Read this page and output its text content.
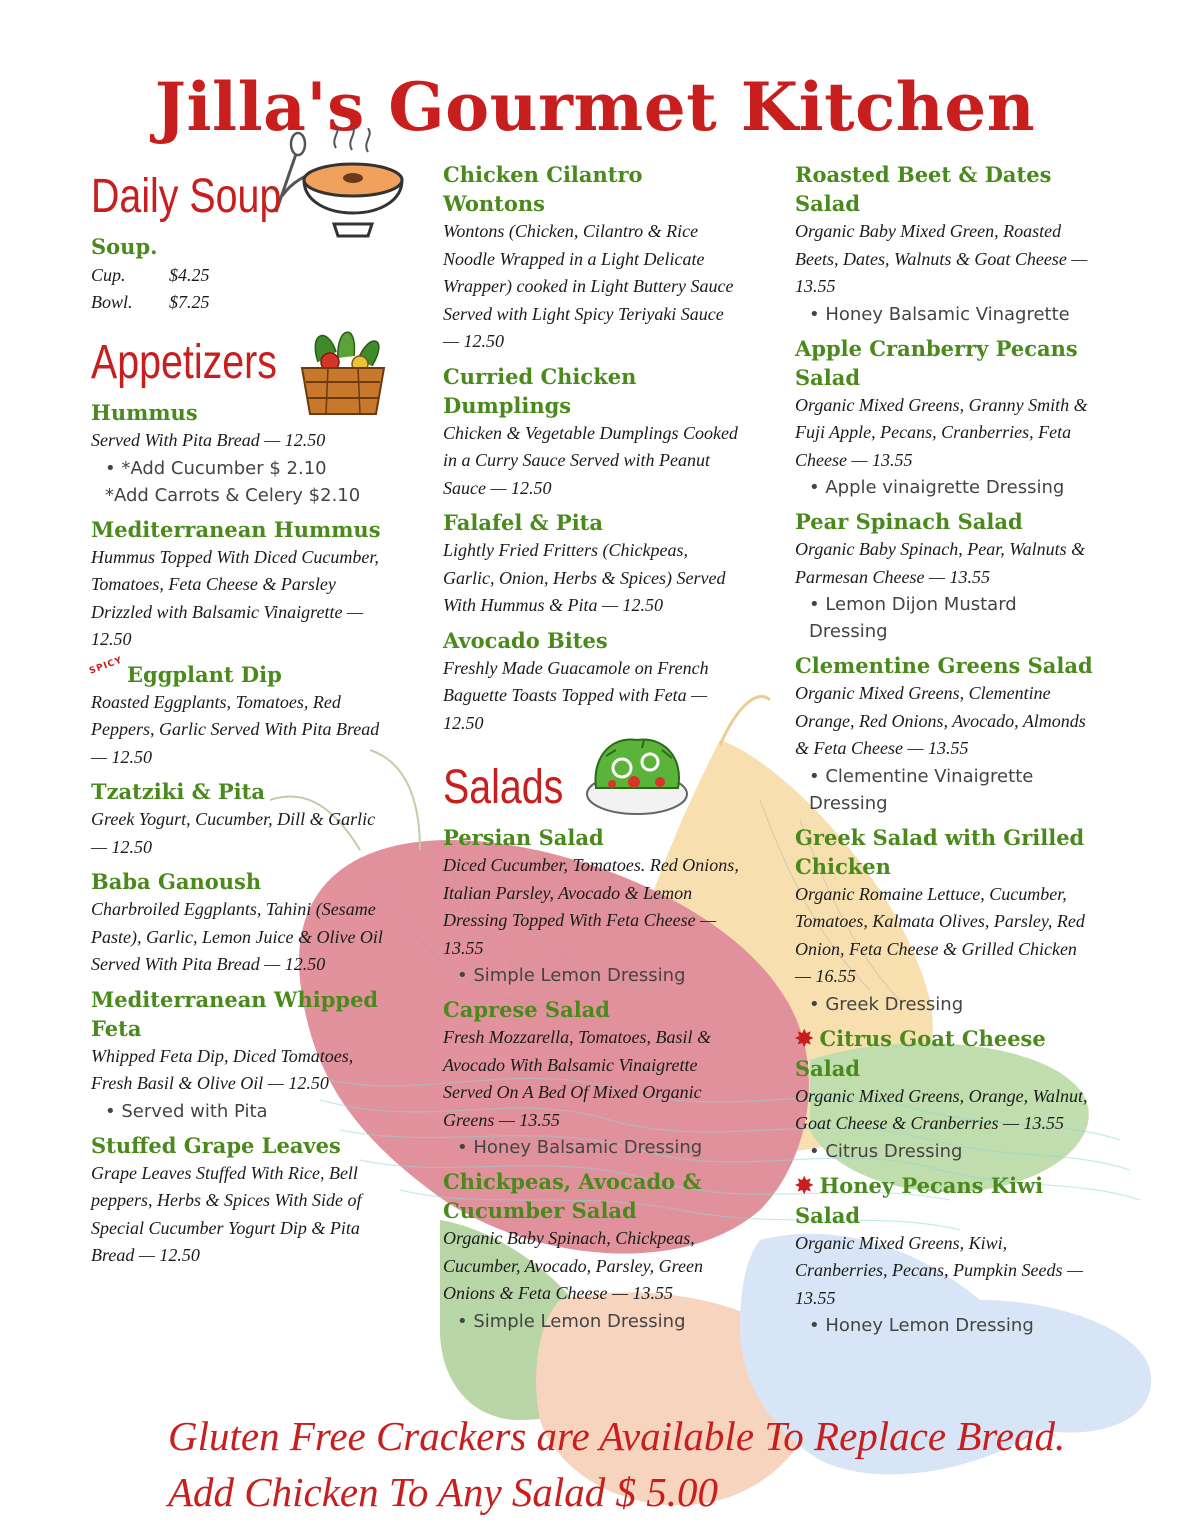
Jilla's Gourmet Kitchen
Daily Soup
Soup.
Cup.	$4.25
Bowl.	$7.25
Appetizers
Hummus
Served With Pita Bread — 12.50
• *Add Cucumber $ 2.10
*Add Carrots & Celery $2.10
Mediterranean Hummus
Hummus Topped With Diced Cucumber, Tomatoes, Feta Cheese & Parsley Drizzled with Balsamic Vinaigrette — 12.50
SPICY Eggplant Dip
Roasted Eggplants, Tomatoes, Red Peppers, Garlic Served With Pita Bread — 12.50
Tzatziki & Pita
Greek Yogurt, Cucumber, Dill & Garlic — 12.50
Baba Ganoush
Charbroiled Eggplants, Tahini (Sesame Paste), Garlic, Lemon Juice & Olive Oil Served With Pita Bread — 12.50
Mediterranean Whipped Feta
Whipped Feta Dip, Diced Tomatoes, Fresh Basil & Olive Oil — 12.50
• Served with Pita
Stuffed Grape Leaves
Grape Leaves Stuffed With Rice, Bell peppers, Herbs & Spices With Side of Special Cucumber Yogurt Dip & Pita Bread — 12.50
Chicken Cilantro Wontons
Wontons (Chicken, Cilantro & Rice Noodle Wrapped in a Light Delicate Wrapper) cooked in Light Buttery Sauce Served with Light Spicy Teriyaki Sauce — 12.50
Curried Chicken Dumplings
Chicken & Vegetable Dumplings Cooked in a Curry Sauce Served with Peanut Sauce — 12.50
Falafel & Pita
Lightly Fried Fritters (Chickpeas, Garlic, Onion, Herbs & Spices) Served With Hummus & Pita — 12.50
Avocado Bites
Freshly Made Guacamole on French Baguette Toasts Topped with Feta — 12.50
Salads
Persian Salad
Diced Cucumber, Tomatoes. Red Onions, Italian Parsley, Avocado & Lemon Dressing Topped With Feta Cheese — 13.55
• Simple Lemon Dressing
Caprese Salad
Fresh Mozzarella, Tomatoes, Basil & Avocado With Balsamic Vinaigrette Served On A Bed Of Mixed Organic Greens — 13.55
• Honey Balsamic Dressing
Chickpeas, Avocado & Cucumber Salad
Organic Baby Spinach, Chickpeas, Cucumber, Avocado, Parsley, Green Onions & Feta Cheese — 13.55
• Simple Lemon Dressing
Roasted Beet & Dates Salad
Organic Baby Mixed Green, Roasted Beets, Dates, Walnuts & Goat Cheese — 13.55
• Honey Balsamic Vinagrette
Apple Cranberry Pecans Salad
Organic Mixed Greens, Granny Smith & Fuji Apple, Pecans, Cranberries, Feta Cheese — 13.55
• Apple vinaigrette Dressing
Pear Spinach Salad
Organic Baby Spinach, Pear, Walnuts & Parmesan Cheese — 13.55
• Lemon Dijon Mustard Dressing
Clementine Greens Salad
Organic Mixed Greens, Clementine Orange, Red Onions, Avocado, Almonds & Feta Cheese — 13.55
• Clementine Vinaigrette Dressing
Greek Salad with Grilled Chicken
Organic Romaine Lettuce, Cucumber, Tomatoes, Kalmata Olives, Parsley, Red Onion, Feta Cheese & Grilled Chicken — 16.55
• Greek Dressing
✸ Citrus Goat Cheese Salad
Organic Mixed Greens, Orange, Walnut, Goat Cheese & Cranberries — 13.55
• Citrus Dressing
✸ Honey Pecans Kiwi Salad
Organic Mixed Greens, Kiwi, Cranberries, Pecans, Pumpkin Seeds — 13.55
• Honey Lemon Dressing
Gluten Free Crackers are Available To Replace Bread.
Add Chicken To Any Salad $ 5.00
